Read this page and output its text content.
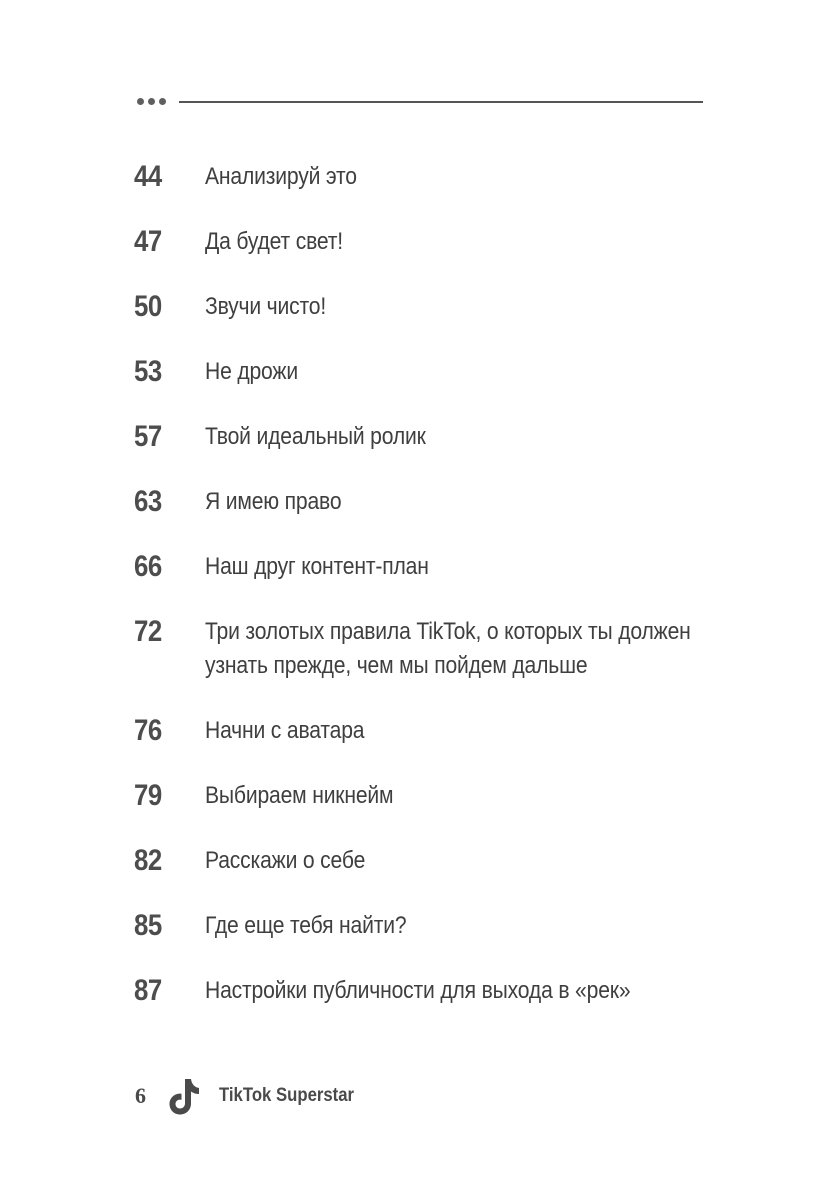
44	Анализируй это
47	Да будет свет!
50	Звучи чисто!
53	Не дрожи
57	Твой идеальный ролик
63	Я имею право
66	Наш друг контент-план
72	Три золотых правила TikTok, о которых ты должен
узнать прежде, чем мы пойдем дальше
76	Начни с аватара
79	Выбираем никнейм
82	Расскажи о себе
85	Где еще тебя найти?
87	Настройки публичности для выхода в «рек»
6	TikTok Superstar
